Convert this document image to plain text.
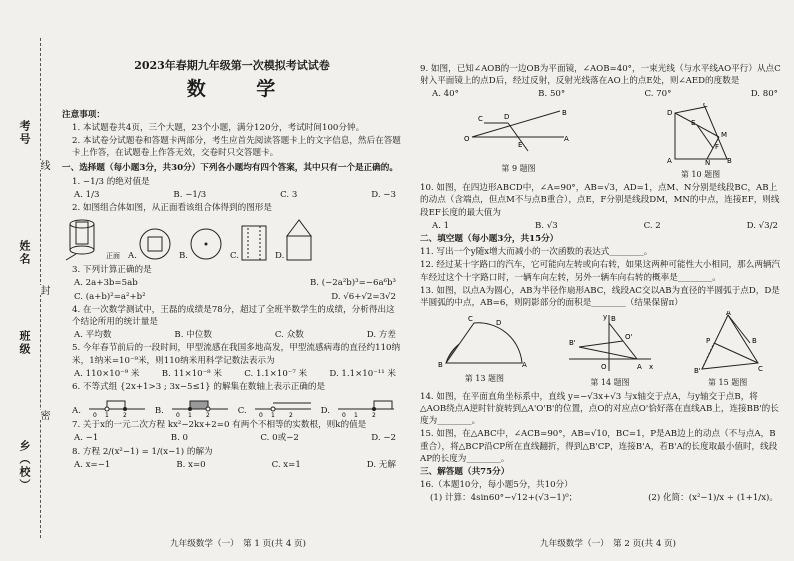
考号
姓名
班级
乡（校）
线
封
密
2023年春期九年级第一次模拟考试试卷
数 学
注意事项：
1. 本试题卷共4页，三个大题，23个小题，满分120分，考试时间100分钟。
2. 本试卷分试题卷和答题卡两部分，考生应首先阅读答题卡上的文字信息，然后在答题卡上作答，在试题卷上作答无效，交卷时只交答题卡。
一、选择题（每小题3分，共30分）下列各小题均有四个答案，其中只有一个是正确的。
1. −1/3 的绝对值是
A. 1/3	B. −1/3	C. 3	D. −3
2. 如图组合体如图，从正面看该组合体得到的图形是
正面 A.	B.	C.	D.
3. 下列计算正确的是
A. 2a+3b=5ab	B. (−2a²b)³=−6a⁶b³
C. (a+b)²=a²+b²	D. √6+√2=3√2
4. 在一次数学测试中，王磊的成绩是78分，超过了全班半数学生的成绩，分析得出这个结论所用的统计量是
A. 平均数	B. 中位数	C. 众数	D. 方差
5. 今年春节前后的一段时间，甲型流感在我国多地高发，甲型流感病毒的直径约110纳米，1纳米=10⁻⁹米，则110纳米用科学记数法表示为
A. 110×10⁻⁹ 米	B. 11×10⁻⁸ 米	C. 1.1×10⁻⁷ 米	D. 1.1×10⁻¹¹ 米
6. 不等式组 {2x+1>3 ; 3x−5≤1} 的解集在数轴上表示正确的是
A. 0 1 2	B. 0 1 2	C. 0 1 2	D. 0 1 2
7. 关于x的一元二次方程 kx²−2kx+2=0 有两个不相等的实数根，则k的值是
A. −1	B. 0	C. 0或−2	D. −2
8. 方程 2/(x²−1) = 1/(x−1) 的解为
A. x=−1	B. x=0	C. x=1	D. 无解
九年级数学（一）　第 1 页(共 4 页)
9. 如图，已知∠AOB的一边OB为平面镜，∠AOB=40°，一束光线（与水平线AO平行）从点C射入平面镜上的点D后，经过反射，反射光线落在AO上的点E处，则∠AED的度数是
A. 40°	B. 50°	C. 70°	D. 80°
O
B
A
D
C
E
第 9 题图
D
C
A	B
M
N
E
F
第 10 题图
10. 如图，在四边形ABCD中，∠A=90°，AB=√3，AD=1，点M、N分别是线段BC，AB上的动点（含端点，但点M不与点B重合），点E，F分别是线段DM，MN的中点，连接EF，则线段EF长度的最大值为
A. 1	B. √3	C. 2	D. √3/2
二、填空题（每小题3分，共15分）
11. 写出一个y随x增大而减小的一次函数的表达式________。
12. 经过某十字路口的汽车，它可能向左转或向右转，如果这两种可能性大小相同，那么两辆汽车经过这个十字路口时，一辆车向左转，另外一辆车向右转的概率是________。
13. 如图，以点A为圆心，AB为半径作扇形ABC，线段AC交以AB为直径的半圆弧于点D，D是半圆弧的中点，AB=6，则阴影部分的面积是________（结果保留π）
B	A
C	D
第 13 题图
B
A
O
B'
O'
x
y
第 14 题图
A
B'	C
P	B
第 15 题图
14. 如图，在平面直角坐标系中，直线 y=−√3x+√3 与x轴交于点A，与y轴交于点B，将△AOB绕点A逆时针旋转到△A'O'B'的位置，点O的对应点O'恰好落在直线AB上，连接BB'的长度为________。
15. 如图，在△ABC中，∠ACB=90°，AB=√10，BC=1，P是AB边上的动点（不与点A，B重合），将△BCP沿CP所在直线翻折，得到△B'CP，连接B'A，若B'A的长度取最小值时，线段AP的长度为________。
三、解答题（共75分）
16.（本题10分，每小题5分，共10分）
(1) 计算：4sin60°−√12+(√3−1)⁰；	(2) 化简：(x²−1)/x ÷ (1+1/x)。
九年级数学（一）　第 2 页(共 4 页)
